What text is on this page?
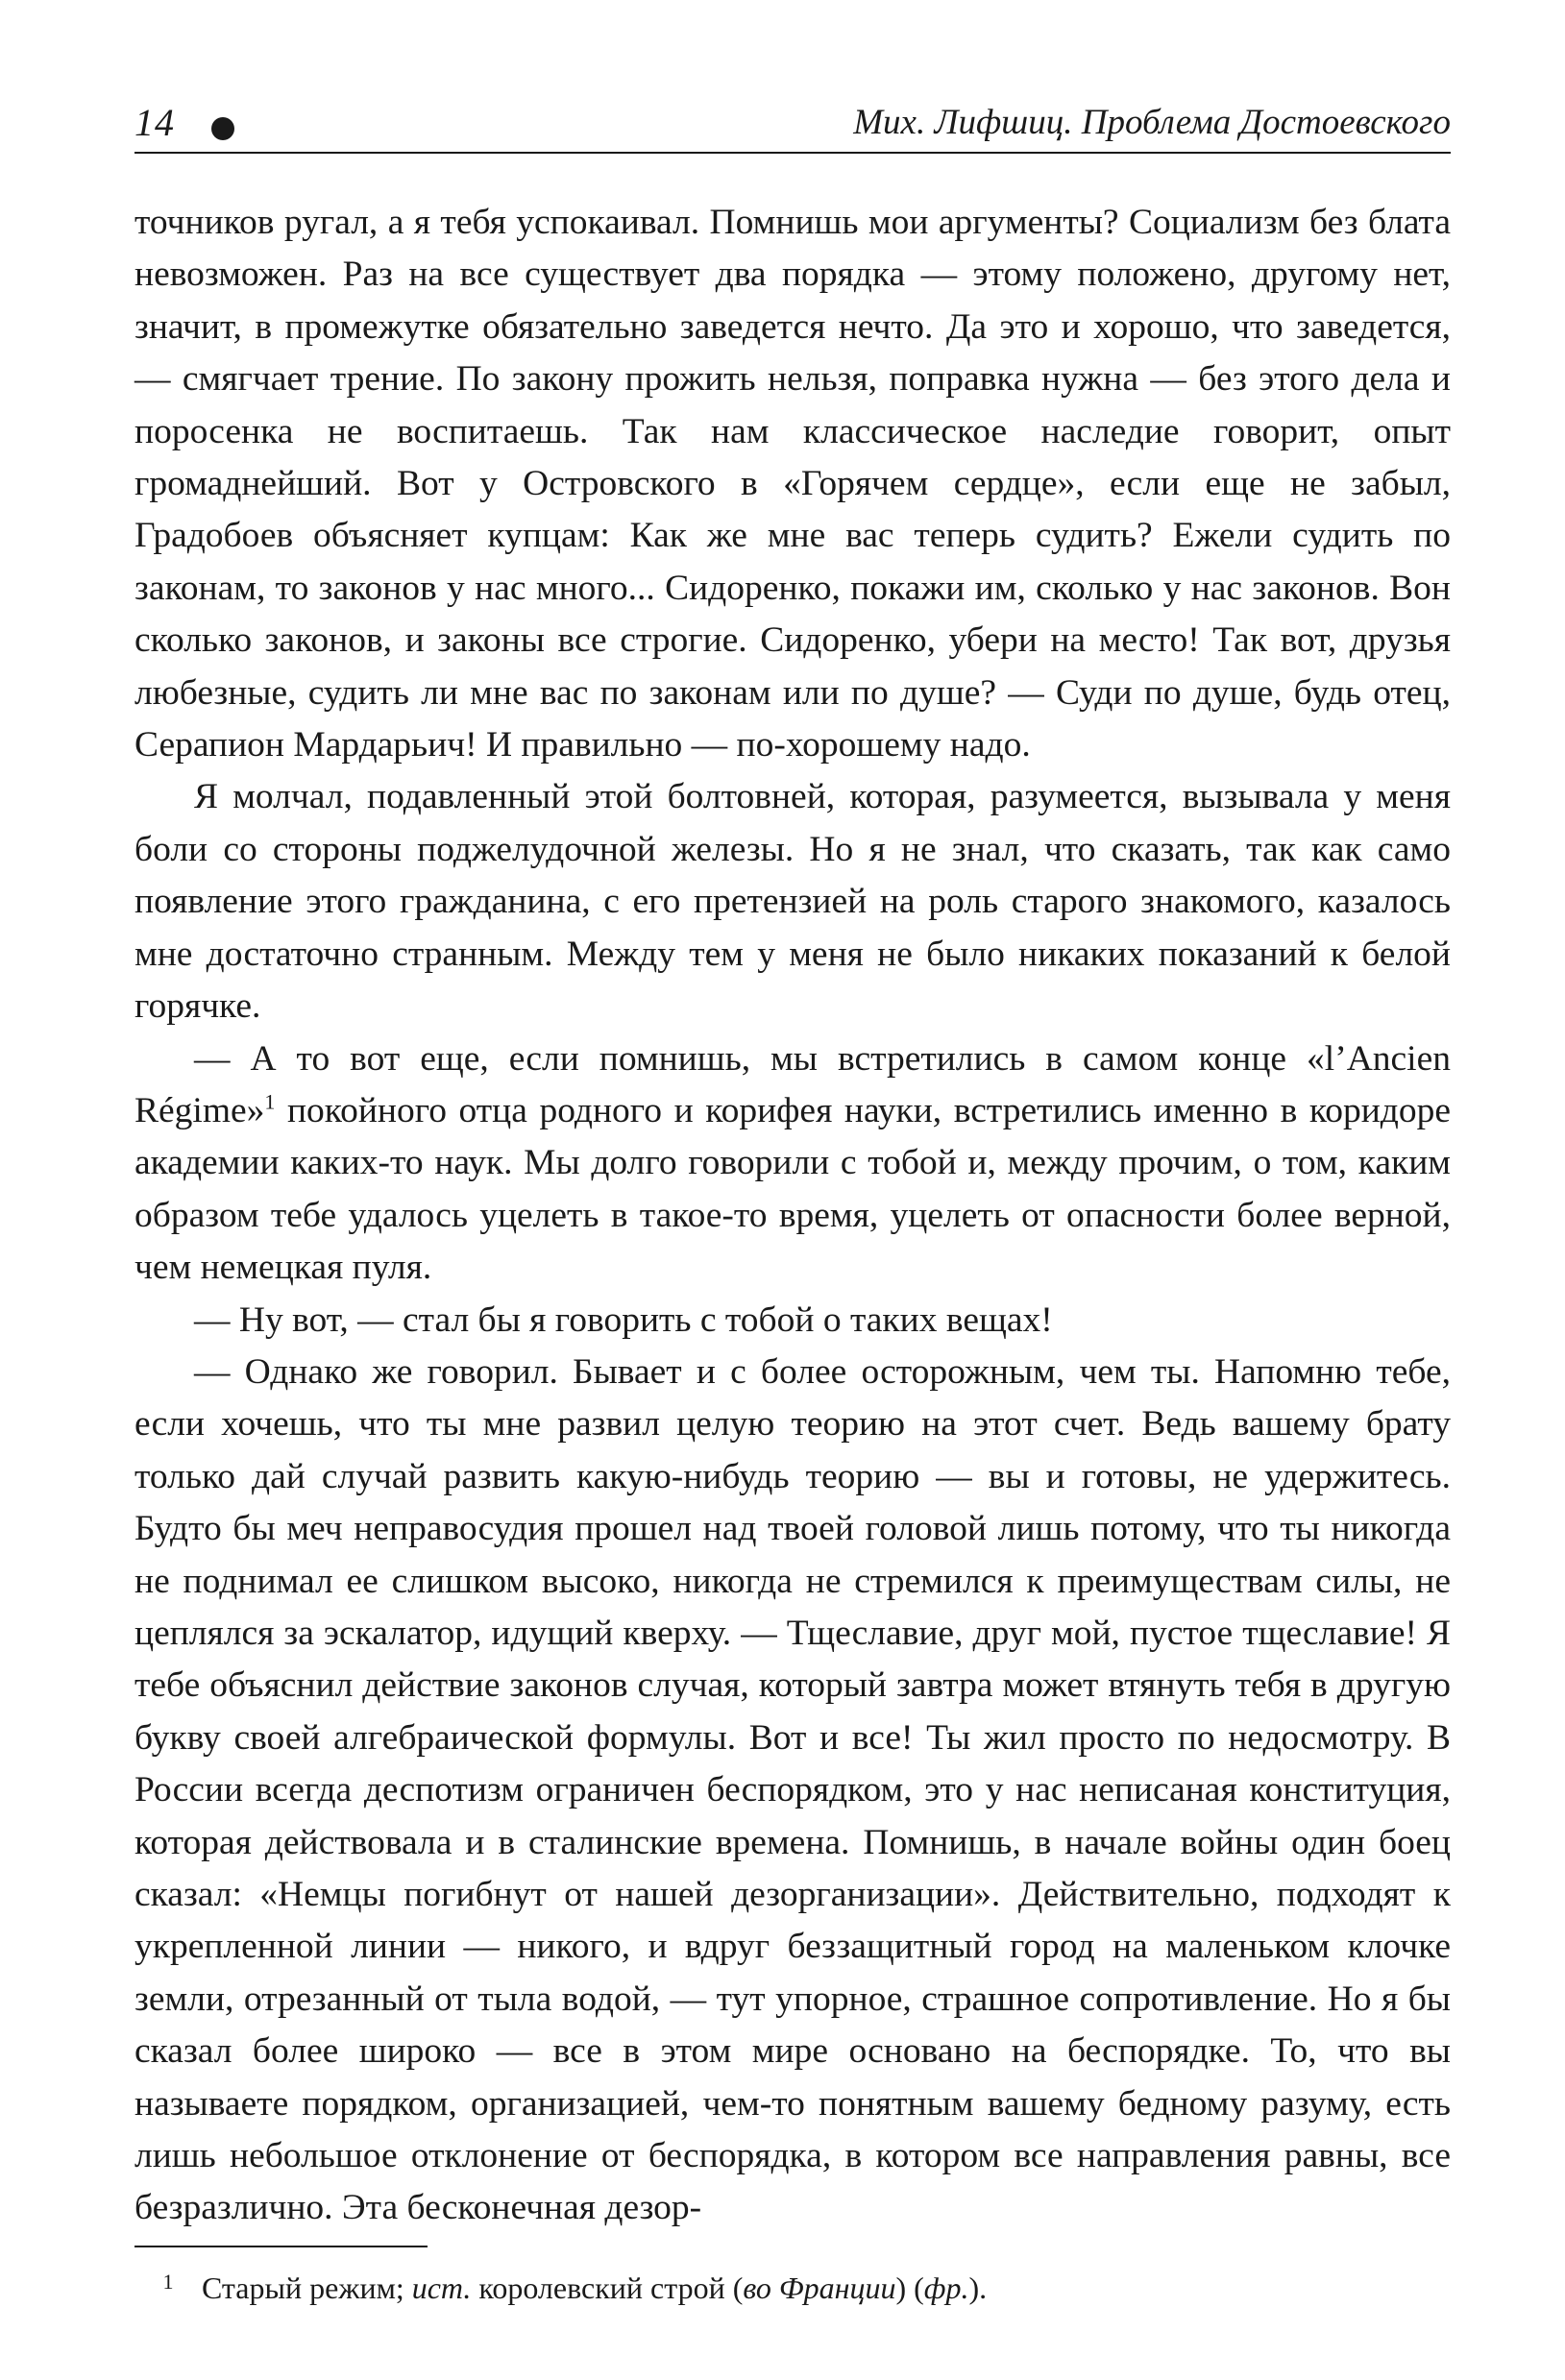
14	Мих. Лифшиц. Проблема Достоевского

точников ругал, а я тебя успокаивал. Помнишь мои аргументы? Социализм без блата невозможен. Раз на все существует два порядка — этому положено, другому нет, значит, в промежутке обязательно заведется нечто. Да это и хорошо, что заведется, — смягчает трение. По закону прожить нельзя, поправка нужна — без этого дела и поросенка не воспитаешь. Так нам классическое наследие говорит, опыт громаднейший. Вот у Островского в «Горячем сердце», если еще не забыл, Градобоев объясняет купцам: Как же мне вас теперь судить? Ежели судить по законам, то законов у нас много... Сидоренко, покажи им, сколько у нас законов. Вон сколько законов, и законы все строгие. Сидоренко, убери на место! Так вот, друзья любезные, судить ли мне вас по законам или по душе? — Суди по душе, будь отец, Серапион Мардарьич! И правильно — по-хорошему надо.

Я молчал, подавленный этой болтовней, которая, разумеется, вызывала у меня боли со стороны поджелудочной железы. Но я не знал, что сказать, так как само появление этого гражданина, с его претензией на роль старого знакомого, казалось мне достаточно странным. Между тем у меня не было никаких показаний к белой горячке.

— А то вот еще, если помнишь, мы встретились в самом конце «l’Ancien Régime»$^1$ покойного отца родного и корифея науки, встретились именно в коридоре академии каких-то наук. Мы долго говорили с тобой и, между прочим, о том, каким образом тебе удалось уцелеть в такое-то время, уцелеть от опасности более верной, чем немецкая пуля.

— Ну вот, — стал бы я говорить с тобой о таких вещах!

— Однако же говорил. Бывает и с более осторожным, чем ты. Напомню тебе, если хочешь, что ты мне развил целую теорию на этот счет. Ведь вашему брату только дай случай развить какую-нибудь теорию — вы и готовы, не удержитесь. Будто бы меч неправосудия прошел над твоей головой лишь потому, что ты никогда не поднимал ее слишком высоко, никогда не стремился к преимуществам силы, не цеплялся за эскалатор, идущий кверху. — Тщеславие, друг мой, пустое тщеславие! Я тебе объяснил действие законов случая, который завтра может втянуть тебя в другую букву своей алгебраической формулы. Вот и все! Ты жил просто по недосмотру. В России всегда деспотизм ограничен беспорядком, это у нас неписаная конституция, которая действовала и в сталинские времена. Помнишь, в начале войны один боец сказал: «Немцы погибнут от нашей дезорганизации». Действительно, подходят к укрепленной линии — никого, и вдруг беззащитный город на маленьком клочке земли, отрезанный от тыла водой, — тут упорное, страшное сопротивление. Но я бы сказал более широко — все в этом мире основано на беспорядке. То, что вы называете порядком, организацией, чем-то понятным вашему бедному разуму, есть лишь небольшое отклонение от беспорядка, в котором все направления равны, все безразлично. Эта бесконечная дезор-

1 Старый режим; ист. королевский строй (во Франции) (фр.).
